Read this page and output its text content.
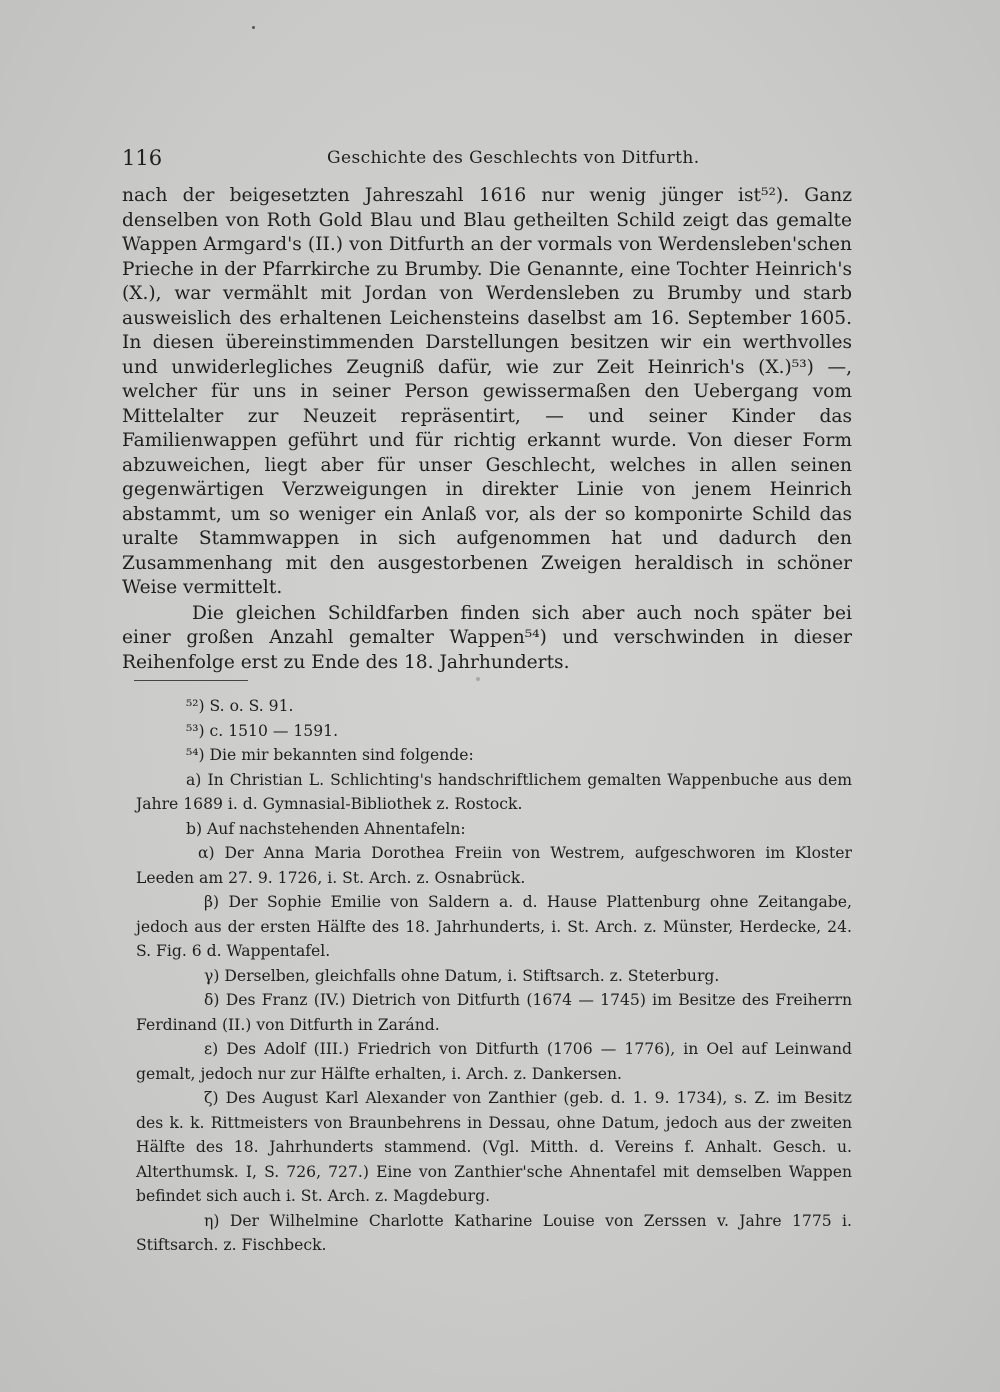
116	Geschichte des Geschlechts von Ditfurth.

nach der beigesetzten Jahreszahl 1616 nur wenig jünger ist⁵²). Ganz denselben von Roth Gold Blau und Blau getheilten Schild zeigt das gemalte Wappen Armgard's (II.) von Ditfurth an der vormals von Werdensleben'schen Prieche in der Pfarrkirche zu Brumby. Die Genannte, eine Tochter Heinrich's (X.), war vermählt mit Jordan von Werdensleben zu Brumby und starb ausweislich des erhaltenen Leichensteins daselbst am 16. September 1605. In diesen übereinstimmenden Darstellungen besitzen wir ein werthvolles und unwiderlegliches Zeugniß dafür, wie zur Zeit Heinrich's (X.)⁵³) —, welcher für uns in seiner Person gewissermaßen den Uebergang vom Mittelalter zur Neuzeit repräsentirt, — und seiner Kinder das Familienwappen geführt und für richtig erkannt wurde. Von dieser Form abzuweichen, liegt aber für unser Geschlecht, welches in allen seinen gegenwärtigen Verzweigungen in direkter Linie von jenem Heinrich abstammt, um so weniger ein Anlaß vor, als der so komponirte Schild das uralte Stammwappen in sich aufgenommen hat und dadurch den Zusammenhang mit den ausgestorbenen Zweigen heraldisch in schöner Weise vermittelt.

Die gleichen Schildfarben finden sich aber auch noch später bei einer großen Anzahl gemalter Wappen⁵⁴) und verschwinden in dieser Reihenfolge erst zu Ende des 18. Jahrhunderts.

⁵²) S. o. S. 91.

⁵³) c. 1510 — 1591.

⁵⁴) Die mir bekannten sind folgende:

a) In Christian L. Schlichting's handschriftlichem gemalten Wappenbuche aus dem Jahre 1689 i. d. Gymnasial-Bibliothek z. Rostock.

b) Auf nachstehenden Ahnentafeln:

α) Der Anna Maria Dorothea Freiin von Westrem, aufgeschworen im Kloster Leeden am 27. 9. 1726, i. St. Arch. z. Osnabrück.

β) Der Sophie Emilie von Saldern a. d. Hause Plattenburg ohne Zeitangabe, jedoch aus der ersten Hälfte des 18. Jahrhunderts, i. St. Arch. z. Münster, Herdecke, 24. S. Fig. 6 d. Wappentafel.

γ) Derselben, gleichfalls ohne Datum, i. Stiftsarch. z. Steterburg.

δ) Des Franz (IV.) Dietrich von Ditfurth (1674 — 1745) im Besitze des Freiherrn Ferdinand (II.) von Ditfurth in Zaránd.

ε) Des Adolf (III.) Friedrich von Ditfurth (1706 — 1776), in Oel auf Leinwand gemalt, jedoch nur zur Hälfte erhalten, i. Arch. z. Dankersen.

ζ) Des August Karl Alexander von Zanthier (geb. d. 1. 9. 1734), s. Z. im Besitz des k. k. Rittmeisters von Braunbehrens in Dessau, ohne Datum, jedoch aus der zweiten Hälfte des 18. Jahrhunderts stammend. (Vgl. Mitth. d. Vereins f. Anhalt. Gesch. u. Alterthumsk. I, S. 726, 727.) Eine von Zanthier'sche Ahnentafel mit demselben Wappen befindet sich auch i. St. Arch. z. Magdeburg.

η) Der Wilhelmine Charlotte Katharine Louise von Zerssen v. Jahre 1775 i. Stiftsarch. z. Fischbeck.
